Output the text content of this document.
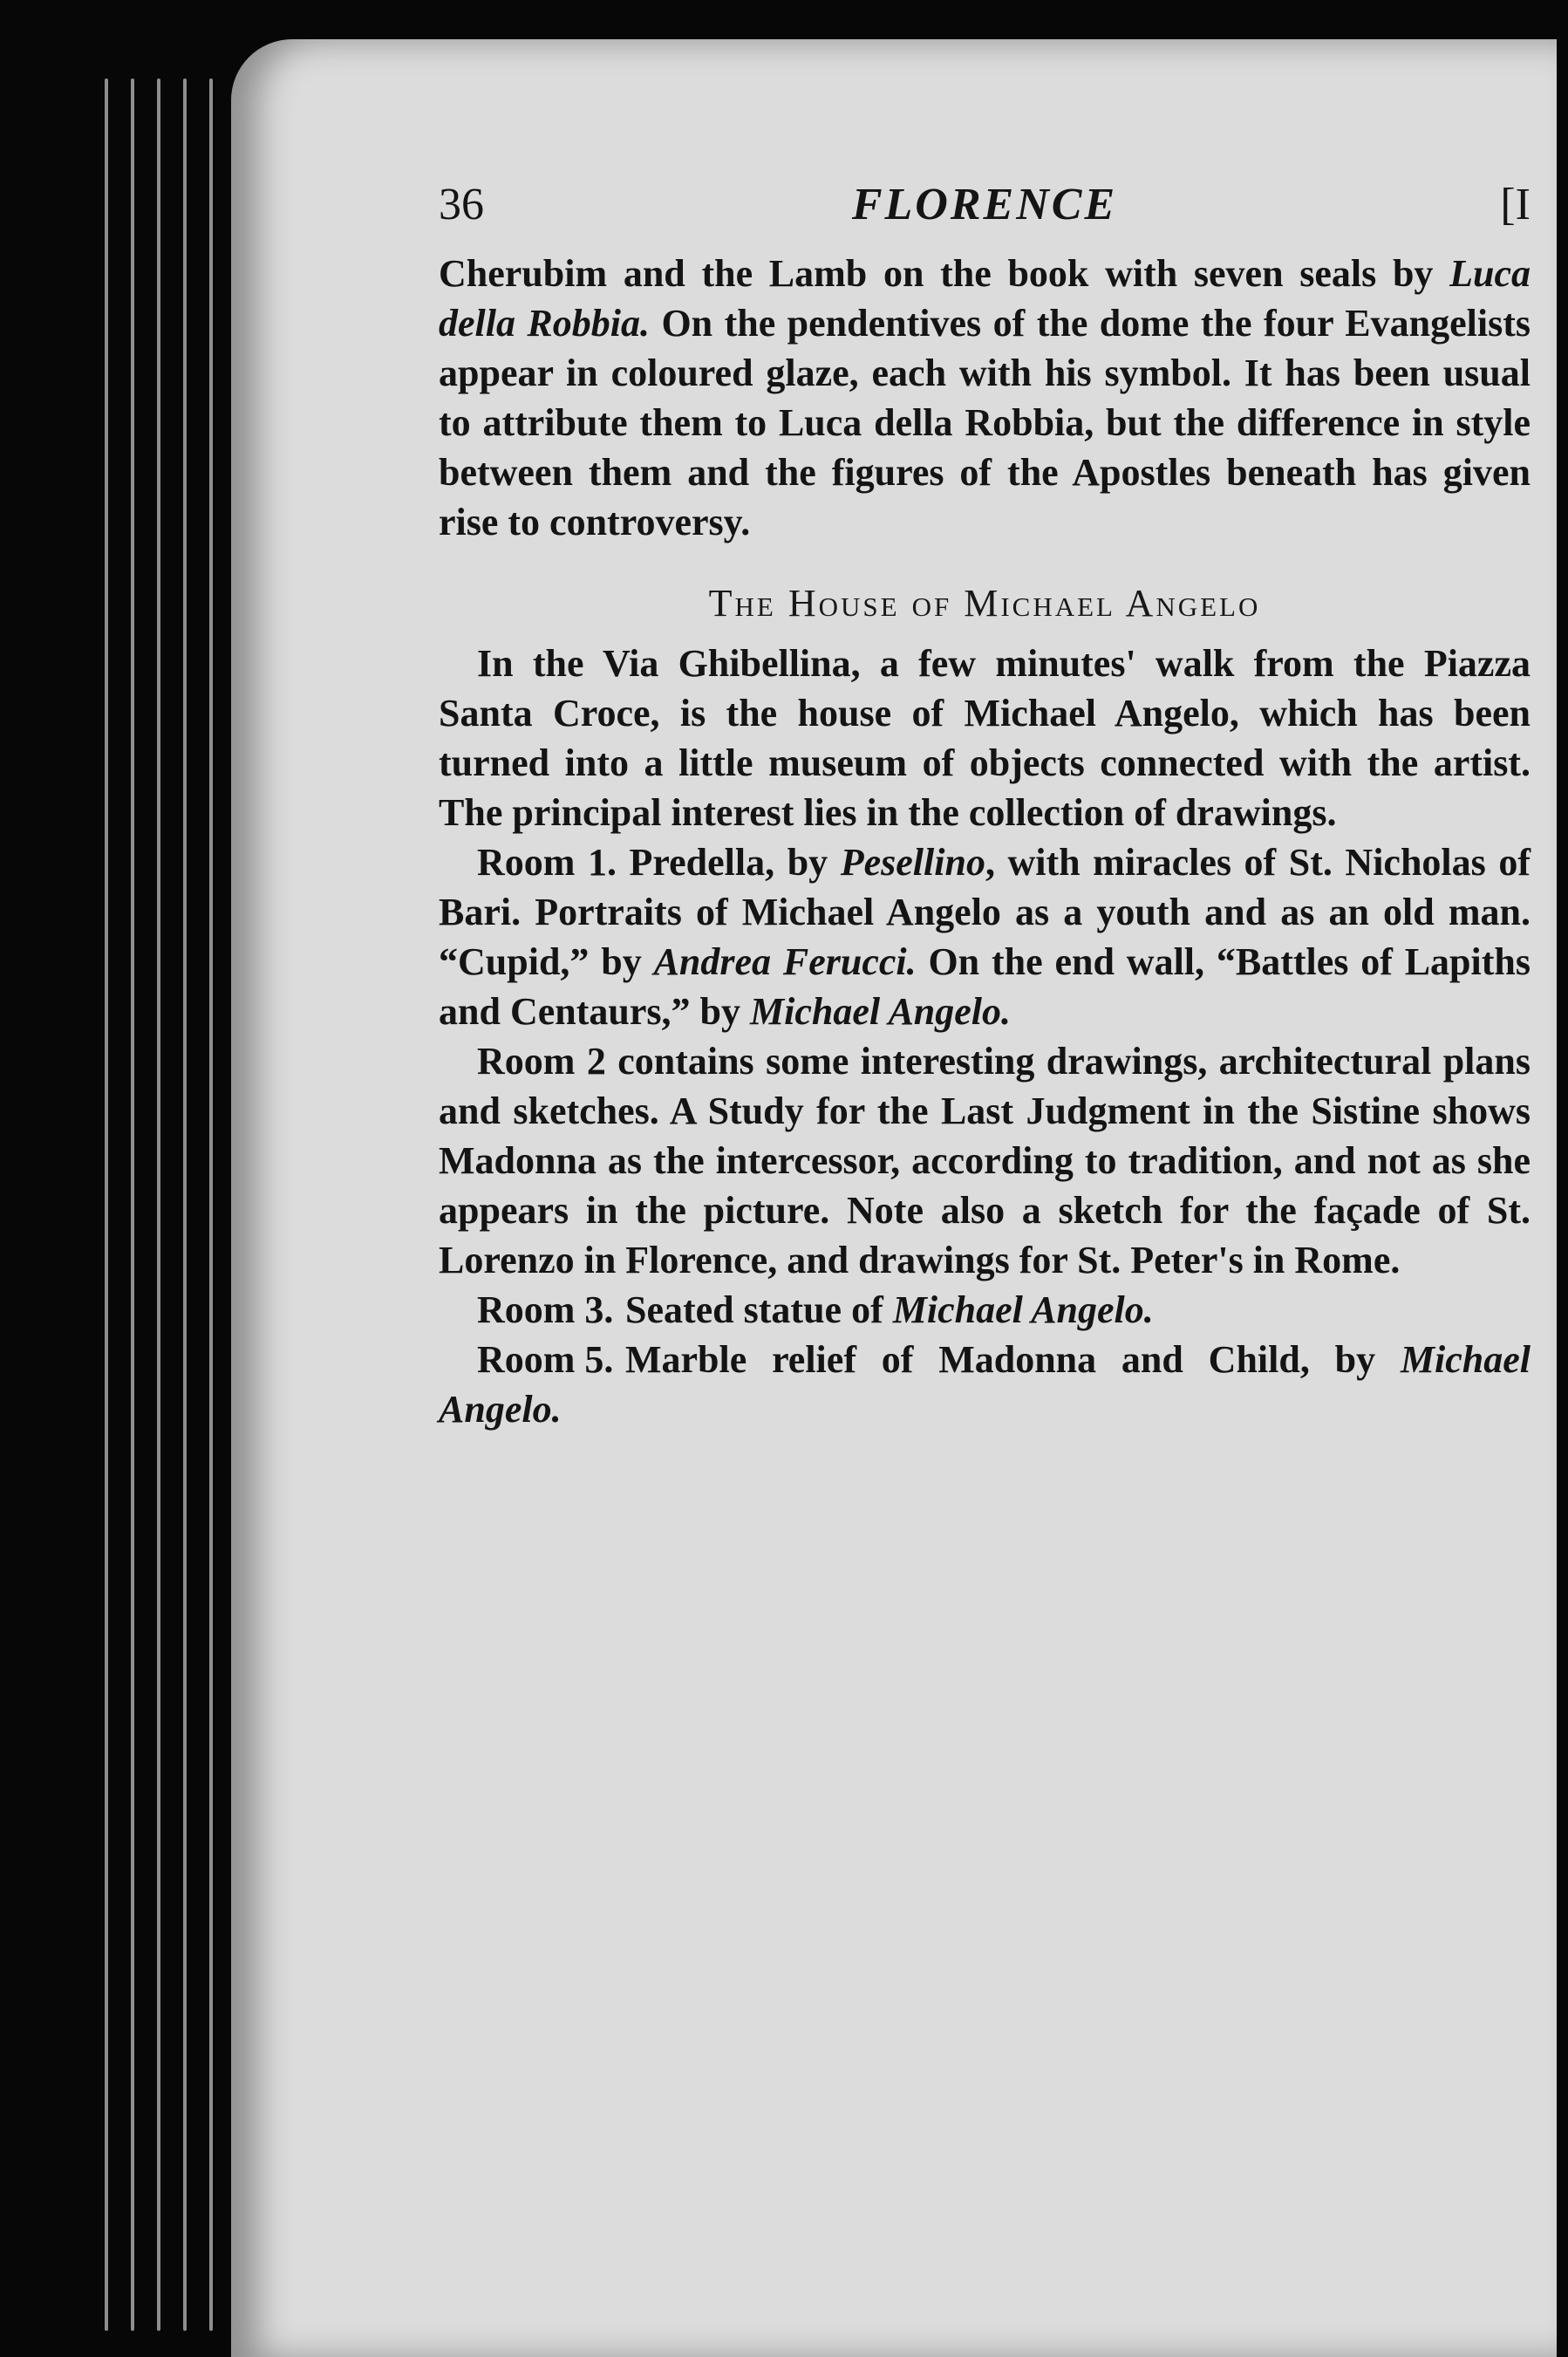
36	FLORENCE	[I

Cherubim and the Lamb on the book with seven seals by Luca della Robbia. On the pendentives of the dome the four Evangelists appear in coloured glaze, each with his symbol. It has been usual to attribute them to Luca della Robbia, but the difference in style between them and the figures of the Apostles beneath has given rise to controversy.

The House of Michael Angelo

In the Via Ghibellina, a few minutes' walk from the Piazza Santa Croce, is the house of Michael Angelo, which has been turned into a little museum of objects connected with the artist. The principal interest lies in the collection of drawings.

Room 1. Predella, by Pesellino, with miracles of St. Nicholas of Bari. Portraits of Michael Angelo as a youth and as an old man. “Cupid,” by Andrea Ferucci. On the end wall, “Battles of Lapiths and Centaurs,” by Michael Angelo.

Room 2 contains some interesting drawings, architectural plans and sketches. A Study for the Last Judgment in the Sistine shows Madonna as the intercessor, according to tradition, and not as she appears in the picture. Note also a sketch for the façade of St. Lorenzo in Florence, and drawings for St. Peter's in Rome.

Room 3. Seated statue of Michael Angelo.

Room 5. Marble relief of Madonna and Child, by Michael Angelo.
